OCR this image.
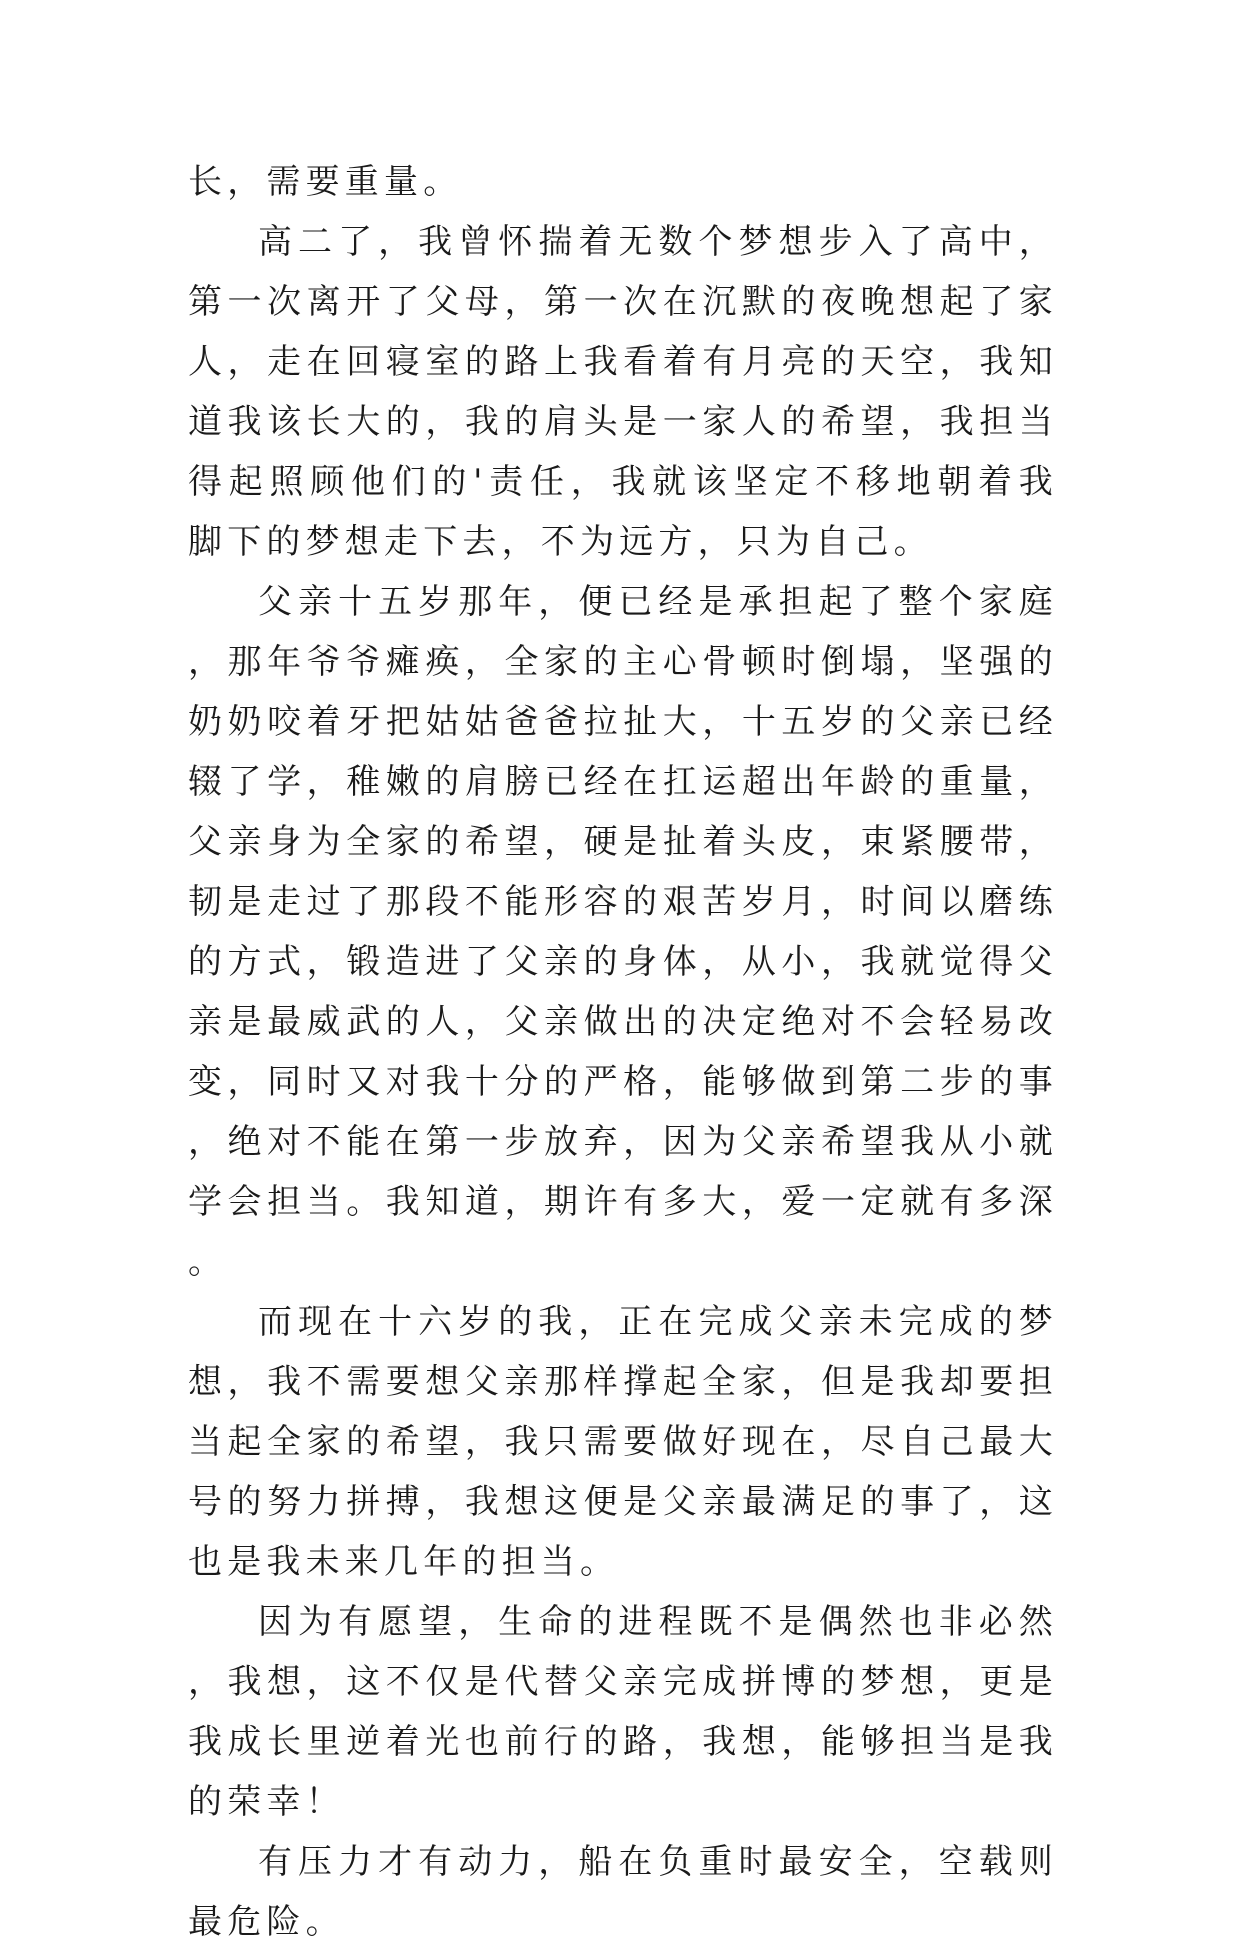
长，需要重量。

高二了，我曾怀揣着无数个梦想步入了高中，第一次离开了父母，第一次在沉默的夜晚想起了家人，走在回寝室的路上我看着有月亮的天空，我知道我该长大的，我的肩头是一家人的希望，我担当得起照顾他们的'责任，我就该坚定不移地朝着我脚下的梦想走下去，不为远方，只为自己。

父亲十五岁那年，便已经是承担起了整个家庭，那年爷爷瘫痪，全家的主心骨顿时倒塌，坚强的奶奶咬着牙把姑姑爸爸拉扯大，十五岁的父亲已经辍了学，稚嫩的肩膀已经在扛运超出年龄的重量，父亲身为全家的希望，硬是扯着头皮，束紧腰带，韧是走过了那段不能形容的艰苦岁月，时间以磨练的方式，锻造进了父亲的身体，从小，我就觉得父亲是最威武的人，父亲做出的决定绝对不会轻易改变，同时又对我十分的严格，能够做到第二步的事，绝对不能在第一步放弃，因为父亲希望我从小就学会担当。我知道，期许有多大，爱一定就有多深。

而现在十六岁的我，正在完成父亲未完成的梦想，我不需要想父亲那样撑起全家，但是我却要担当起全家的希望，我只需要做好现在，尽自己最大号的努力拼搏，我想这便是父亲最满足的事了，这也是我未来几年的担当。

因为有愿望，生命的进程既不是偶然也非必然，我想，这不仅是代替父亲完成拼博的梦想，更是我成长里逆着光也前行的路，我想，能够担当是我的荣幸！

有压力才有动力，船在负重时最安全，空载则最危险。
